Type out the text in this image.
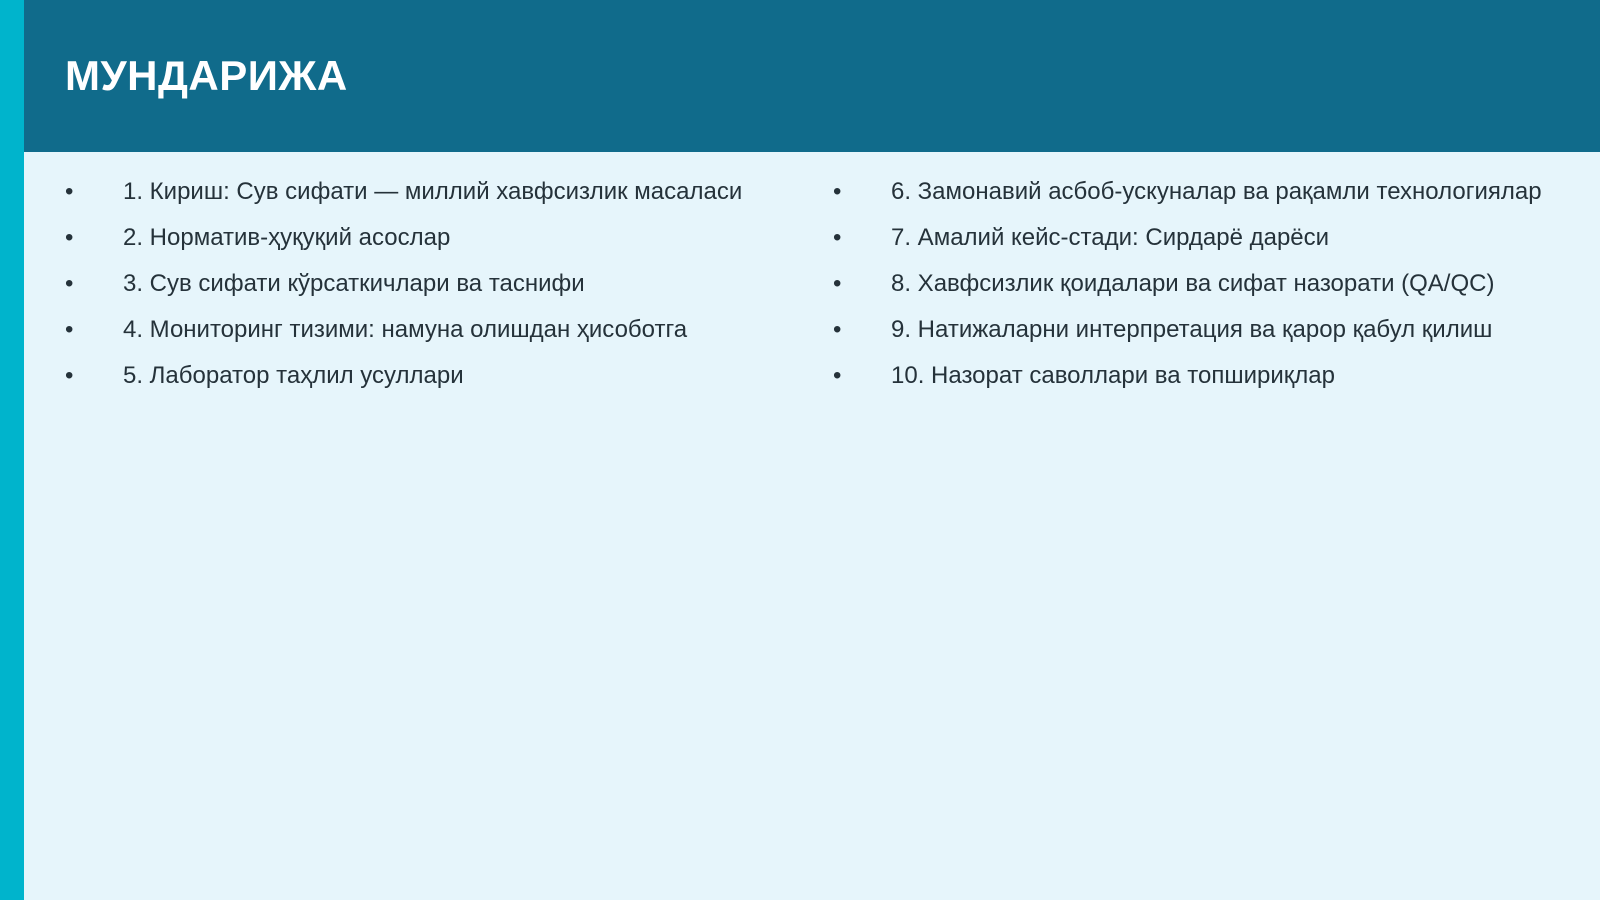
МУНДАРИЖА
•	1. Кириш: Сув сифати — миллий хавфсизлик масаласи
•	2. Норматив-ҳуқуқий асослар
•	3. Сув сифати кўрсаткичлари ва таснифи
•	4. Мониторинг тизими: намуна олишдан ҳисоботга
•	5. Лаборатор таҳлил усуллари
•	6. Замонавий асбоб-ускуналар ва рақамли технологиялар
•	7. Амалий кейс-стади: Сирдарё дарёси
•	8. Хавфсизлик қоидалари ва сифат назорати (QA/QC)
•	9. Натижаларни интерпретация ва қарор қабул қилиш
•	10. Назорат саволлари ва топшириқлар
